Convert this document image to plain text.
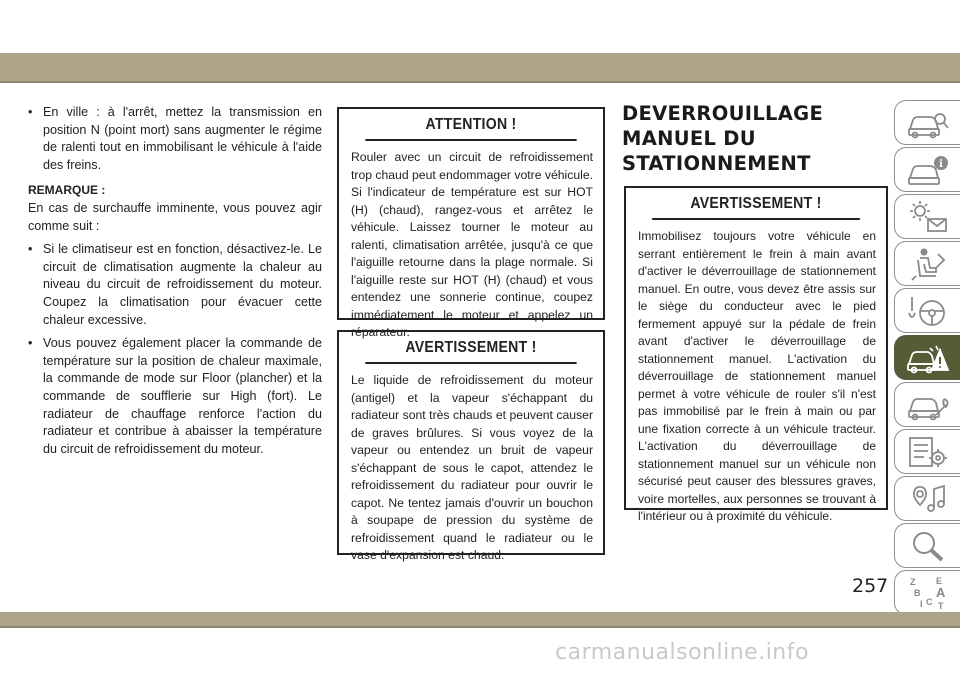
• En ville : à l'arrêt, mettez la transmission en position N (point mort) sans augmenter le régime de ralenti tout en immobilisant le véhicule à l'aide des freins.

REMARQUE :

En cas de surchauffe imminente, vous pouvez agir comme suit :

• Si le climatiseur est en fonction, désactivez-le. Le circuit de climatisation augmente la chaleur au niveau du circuit de refroidissement du moteur. Coupez la climatisation pour évacuer cette chaleur excessive.

• Vous pouvez également placer la commande de température sur la position de chaleur maximale, la commande de mode sur Floor (plancher) et la commande de soufflerie sur High (fort). Le radiateur de chauffage renforce l'action du radiateur et contribue à abaisser la température du circuit de refroidissement du moteur.

ATTENTION !

Rouler avec un circuit de refroidissement trop chaud peut endommager votre véhicule. Si l'indicateur de température est sur HOT (H) (chaud), rangez-vous et arrêtez le véhicule. Laissez tourner le moteur au ralenti, climatisation arrêtée, jusqu'à ce que l'aiguille retourne dans la plage normale. Si l'aiguille reste sur HOT (H) (chaud) et vous entendez une sonnerie continue, coupez immédiatement le moteur et appelez un réparateur.

AVERTISSEMENT !

Le liquide de refroidissement du moteur (antigel) et la vapeur s'échappant du radiateur sont très chauds et peuvent causer de graves brûlures. Si vous voyez de la vapeur ou entendez un bruit de vapeur s'échappant de sous le capot, attendez le refroidissement du radiateur pour ouvrir le capot. Ne tentez jamais d'ouvrir un bouchon à soupape de pression du système de refroidissement quand le radiateur ou le vase d'expansion est chaud.

DEVERROUILLAGE
MANUEL DU
STATIONNEMENT
AVERTISSEMENT !

Immobilisez toujours votre véhicule en serrant entièrement le frein à main avant d'activer le déverrouillage de stationnement manuel. En outre, vous devez être assis sur le siège du conducteur avec le pied fermement appuyé sur la pédale de frein avant d'activer le déverrouillage de stationnement manuel. L'activation du déverrouillage de stationnement manuel permet à votre véhicule de rouler s'il n'est pas immobilisé par le frein à main ou par une fixation correcte à un véhicule tracteur. L'activation du déverrouillage de stationnement manuel sur un véhicule non sécurisé peut causer des blessures graves, voire mortelles, aux personnes se trouvant à l'intérieur ou à proximité du véhicule.

i
Z E
B A
I C T
257
carmanualsonline.info
